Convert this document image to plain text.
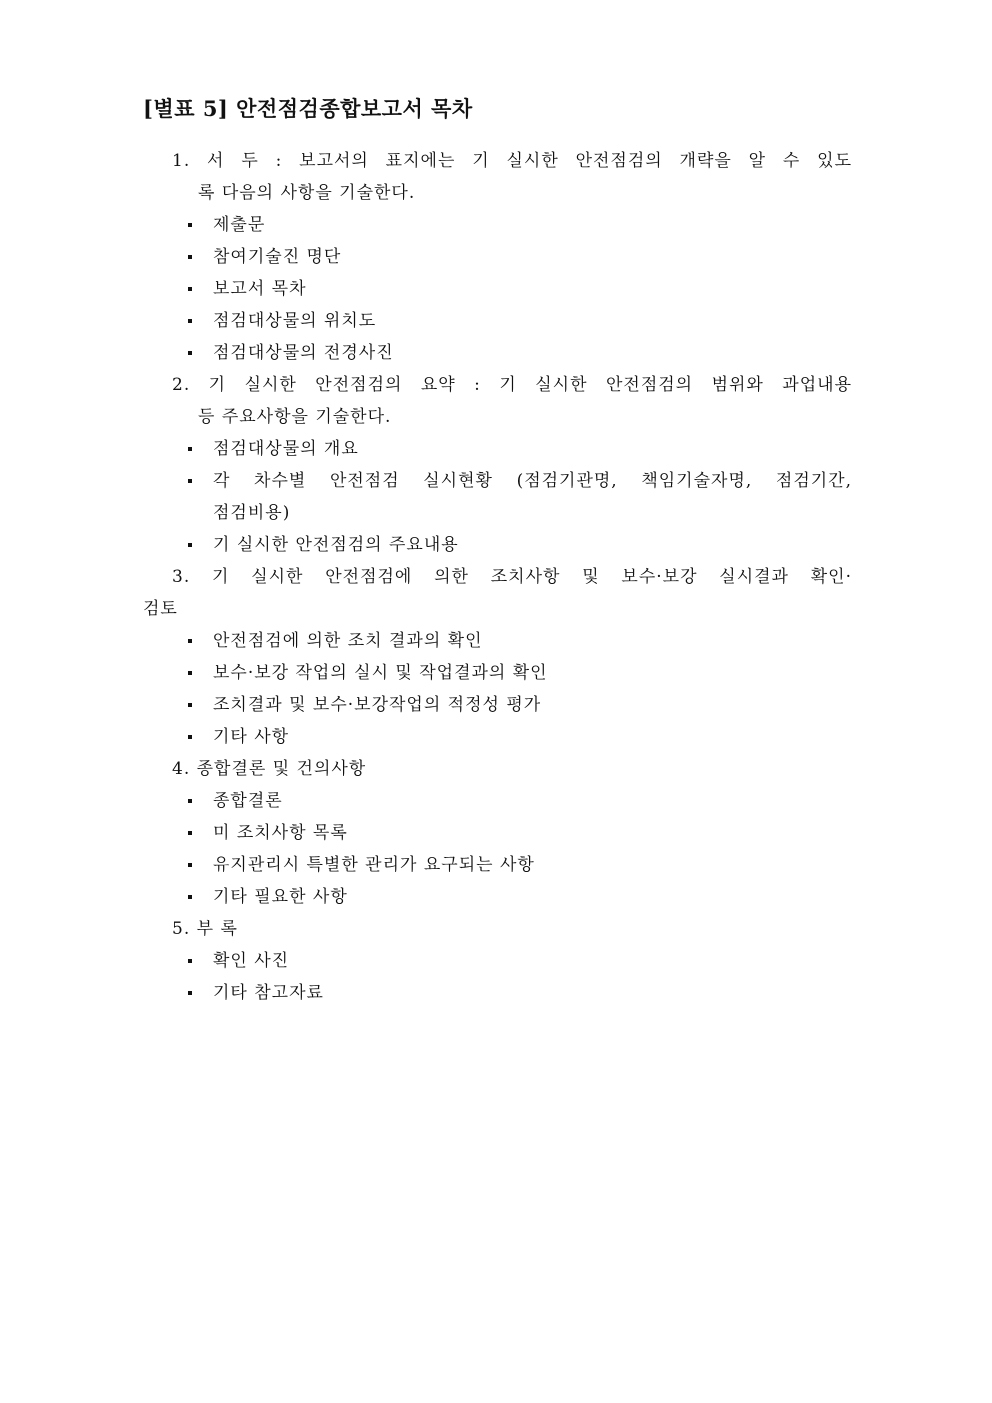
[별표 5] 안전점검종합보고서 목차
1. 서 두 : 보고서의 표지에는 기 실시한 안전점검의 개략을 알 수 있도
록 다음의 사항을 기술한다.
제출문
참여기술진 명단
보고서 목차
점검대상물의 위치도
점검대상물의 전경사진
2. 기 실시한 안전점검의 요약 : 기 실시한 안전점검의 범위와 과업내용
등 주요사항을 기술한다.
점검대상물의 개요
각 차수별 안전점검 실시현황 (점검기관명, 책임기술자명, 점검기간,
점검비용)
기 실시한 안전점검의 주요내용
3. 기 실시한 안전점검에 의한 조치사항 및 보수·보강 실시결과 확인·
검토
안전점검에 의한 조치 결과의 확인
보수·보강 작업의 실시 및 작업결과의 확인
조치결과 및 보수·보강작업의 적정성 평가
기타 사항
4. 종합결론 및 건의사항
종합결론
미 조치사항 목록
유지관리시 특별한 관리가 요구되는 사항
기타 필요한 사항
5. 부 록
확인 사진
기타 참고자료
